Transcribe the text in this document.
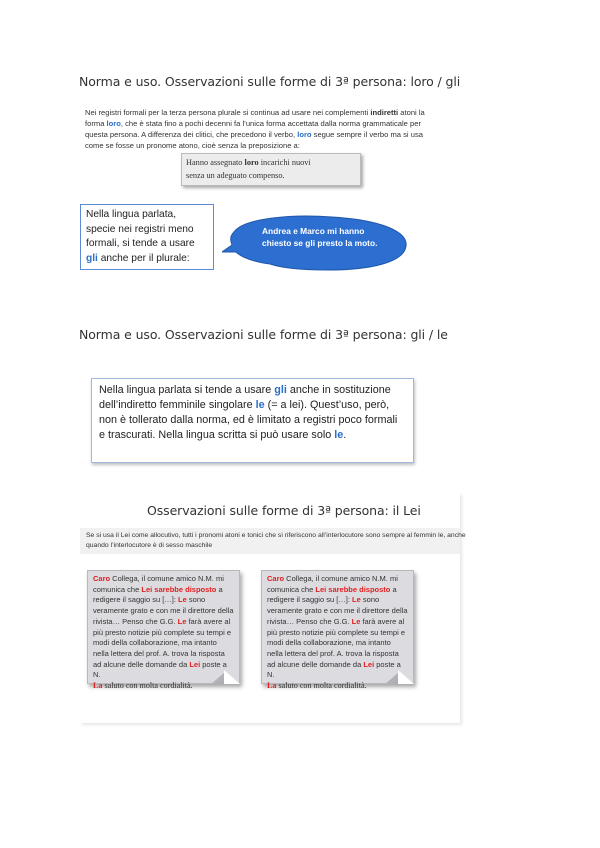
Norma e uso. Osservazioni sulle forme di 3ª persona: loro / gli
Nei registri formali per la terza persona plurale si continua ad usare nei complementi indiretti atoni la forma loro, che è stata fino a pochi decenni fa l’unica forma accettata dalla norma grammaticale per questa persona. A differenza dei clitici, che precedono il verbo, loro segue sempre il verbo ma si usa come se fosse un pronome atono, cioè senza la preposizione a:
Hanno assegnato loro incarichi nuovi
senza un adeguato compenso.
Nella lingua parlata, specie nei registri meno formali, si tende a usare gli anche per il plurale:
Andrea e Marco mi hanno chiesto se gli presto la moto.
Norma e uso. Osservazioni sulle forme di 3ª persona: gli / le
Nella lingua parlata si tende a usare gli anche in sostituzione dell’indiretto femminile singolare le (= a lei). Quest’uso, però, non è tollerato dalla norma, ed è limitato a registri poco formali e trascurati. Nella lingua scritta si può usare solo le.
Osservazioni sulle forme di 3ª persona: il Lei
Se si usa il Lei come allocutivo, tutti i pronomi atoni e tonici che si riferiscono all’interlocutore sono sempre al femmin le, anche quando l’interlocutore è di sesso maschile
Caro Collega, il comune amico N.M. mi comunica che Lei sarebbe disposto a redigere il saggio su […]: Le sono veramente grato e con me il direttore della rivista… Penso che G.G. Le farà avere al più presto notizie più complete su tempi e modi della collaborazione, ma intanto nella lettera del prof. A. trova la risposta ad alcune delle domande da Lei poste a N.
La saluto con molta cordialità.
Caro Collega, il comune amico N.M. mi comunica che Lei sarebbe disposto a redigere il saggio su […]: Le sono veramente grato e con me il direttore della rivista… Penso che G.G. Le farà avere al più presto notizie più complete su tempi e modi della collaborazione, ma intanto nella lettera del prof. A. trova la risposta ad alcune delle domande da Lei poste a N.
La saluto con molta cordialità.
